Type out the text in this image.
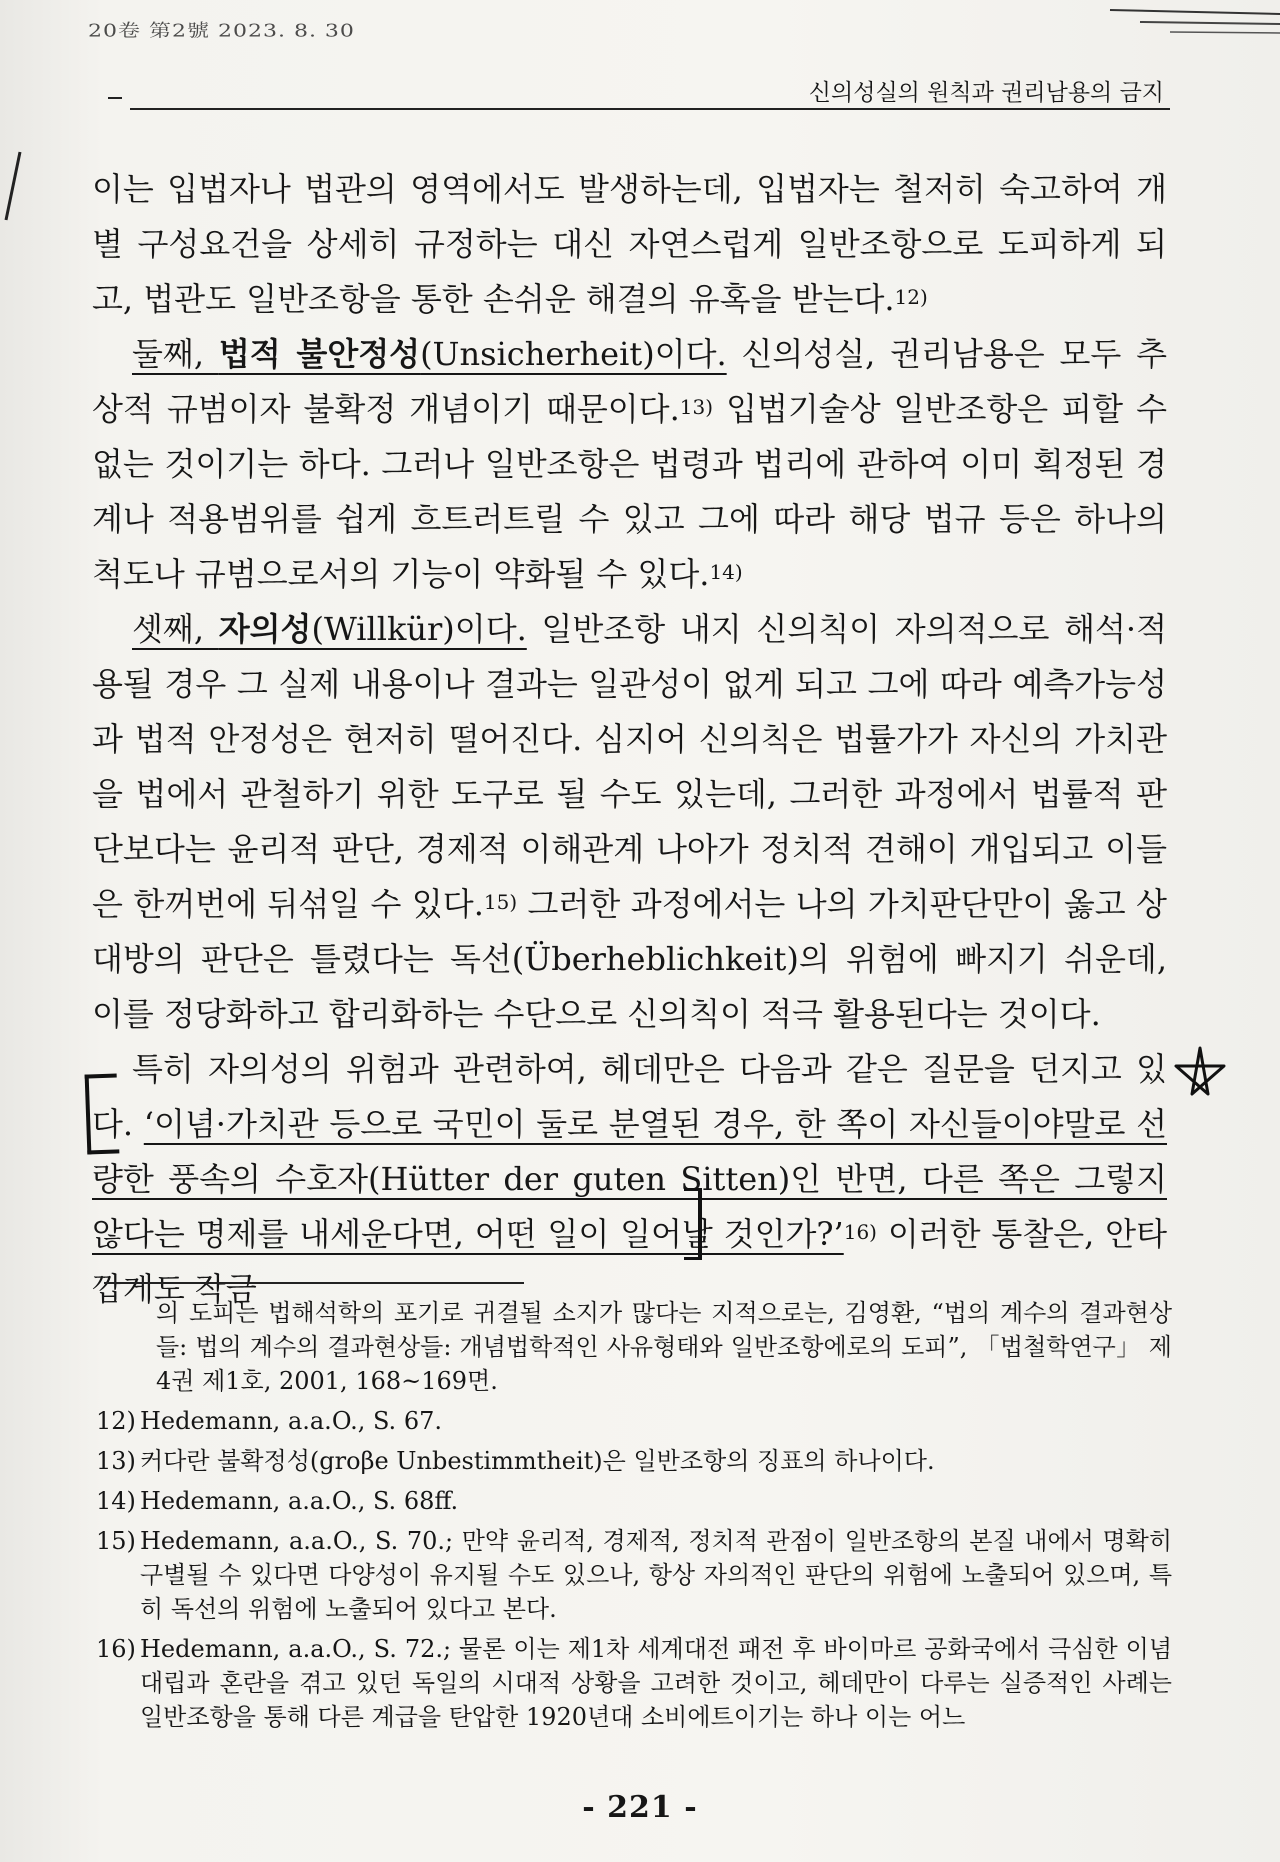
20卷 第2號 2023. 8. 30
신의성실의 원칙과 권리남용의 금지

이는 입법자나 법관의 영역에서도 발생하는데, 입법자는 철저히 숙고하여 개별 구성요건을 상세히 규정하는 대신 자연스럽게 일반조항으로 도피하게 되고, 법관도 일반조항을 통한 손쉬운 해결의 유혹을 받는다.$^{12)}$

둘째, 법적 불안정성(Unsicherheit)이다. 신의성실, 권리남용은 모두 추상적 규범이자 불확정 개념이기 때문이다.$^{13)}$ 입법기술상 일반조항은 피할 수 없는 것이기는 하다. 그러나 일반조항은 법령과 법리에 관하여 이미 획정된 경계나 적용범위를 쉽게 흐트러트릴 수 있고 그에 따라 해당 법규 등은 하나의 척도나 규범으로서의 기능이 약화될 수 있다.$^{14)}$

셋째, 자의성(Willkür)이다. 일반조항 내지 신의칙이 자의적으로 해석·적용될 경우 그 실제 내용이나 결과는 일관성이 없게 되고 그에 따라 예측가능성과 법적 안정성은 현저히 떨어진다. 심지어 신의칙은 법률가가 자신의 가치관을 법에서 관철하기 위한 도구로 될 수도 있는데, 그러한 과정에서 법률적 판단보다는 윤리적 판단, 경제적 이해관계 나아가 정치적 견해이 개입되고 이들은 한꺼번에 뒤섞일 수 있다.$^{15)}$ 그러한 과정에서는 나의 가치판단만이 옳고 상대방의 판단은 틀렸다는 독선(Überheblichkeit)의 위험에 빠지기 쉬운데, 이를 정당화하고 합리화하는 수단으로 신의칙이 적극 활용된다는 것이다.

특히 자의성의 위험과 관련하여, 헤데만은 다음과 같은 질문을 던지고 있다. ‘이념·가치관 등으로 국민이 둘로 분열된 경우, 한 쪽이 자신들이야말로 선량한 풍속의 수호자(Hütter der guten Sitten)인 반면, 다른 쪽은 그렇지 않다는 명제를 내세운다면, 어떤 일이 일어날 것인가?’$^{16)}$ 이러한 통찰은, 안타깝게도 작금

의 도피는 법해석학의 포기로 귀결될 소지가 많다는 지적으로는, 김영환, “법의 계수의 결과현상들: 법의 계수의 결과현상들: 개념법학적인 사유형태와 일반조항에로의 도피”, 「법철학연구」 제4권 제1호, 2001, 168~169면.

12) Hedemann, a.a.O., S. 67.
13) 커다란 불확정성(groβe Unbestimmtheit)은 일반조항의 징표의 하나이다.
14) Hedemann, a.a.O., S. 68ff.
15) Hedemann, a.a.O., S. 70.; 만약 윤리적, 경제적, 정치적 관점이 일반조항의 본질 내에서 명확히 구별될 수 있다면 다양성이 유지될 수도 있으나, 항상 자의적인 판단의 위험에 노출되어 있으며, 특히 독선의 위험에 노출되어 있다고 본다.
16) Hedemann, a.a.O., S. 72.; 물론 이는 제1차 세계대전 패전 후 바이마르 공화국에서 극심한 이념대립과 혼란을 겪고 있던 독일의 시대적 상황을 고려한 것이고, 헤데만이 다루는 실증적인 사례는 일반조항을 통해 다른 계급을 탄압한 1920년대 소비에트이기는 하나 이는 어느
- 221 -
